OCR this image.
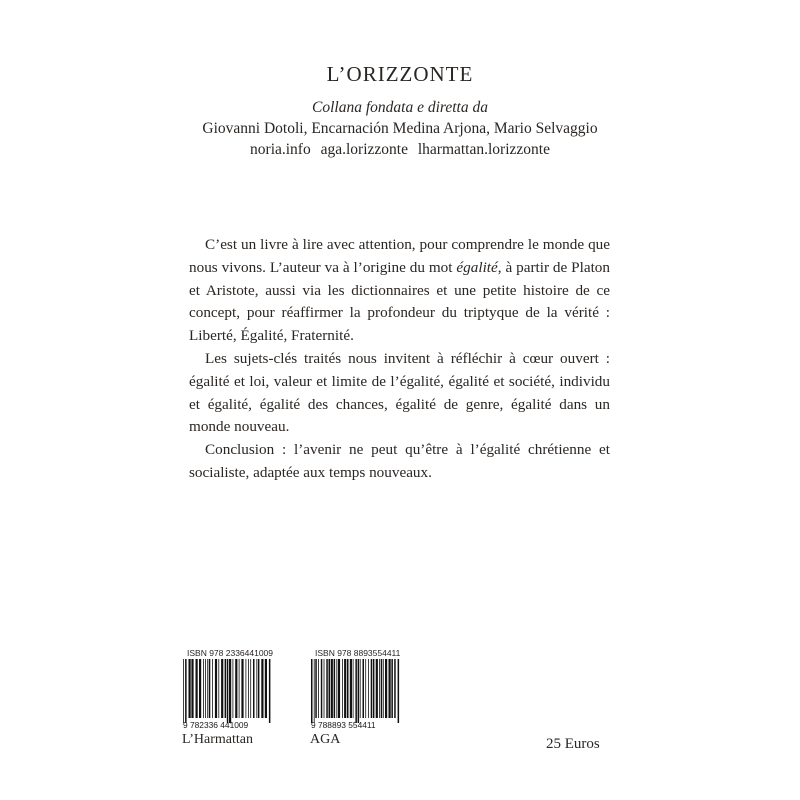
L’ORIZZONTE
Collana fondata e diretta da
Giovanni Dotoli, Encarnación Medina Arjona, Mario Selvaggio
noria.info aga.lorizzonte lharmattan.lorizzonte

C’est un livre à lire avec attention, pour comprendre le monde que nous vivons. L’auteur va à l’origine du mot égalité, à partir de Platon et Aristote, aussi via les dictionnaires et une petite histoire de ce concept, pour réaffirmer la profondeur du triptyque de la vérité : Liberté, Égalité, Fraternité.

Les sujets-clés traités nous invitent à réfléchir à cœur ouvert : égalité et loi, valeur et limite de l’égalité, égalité et société, individu et égalité, égalité des chances, égalité de genre, égalité dans un monde nouveau.

Conclusion : l’avenir ne peut qu’être à l’égalité chrétienne et socialiste, adaptée aux temps nouveaux.

ISBN 978 2336441009
9 782336 441009
L’Harmattan
ISBN 978 8893554411
9 788893 554411
AGA	25 Euros
